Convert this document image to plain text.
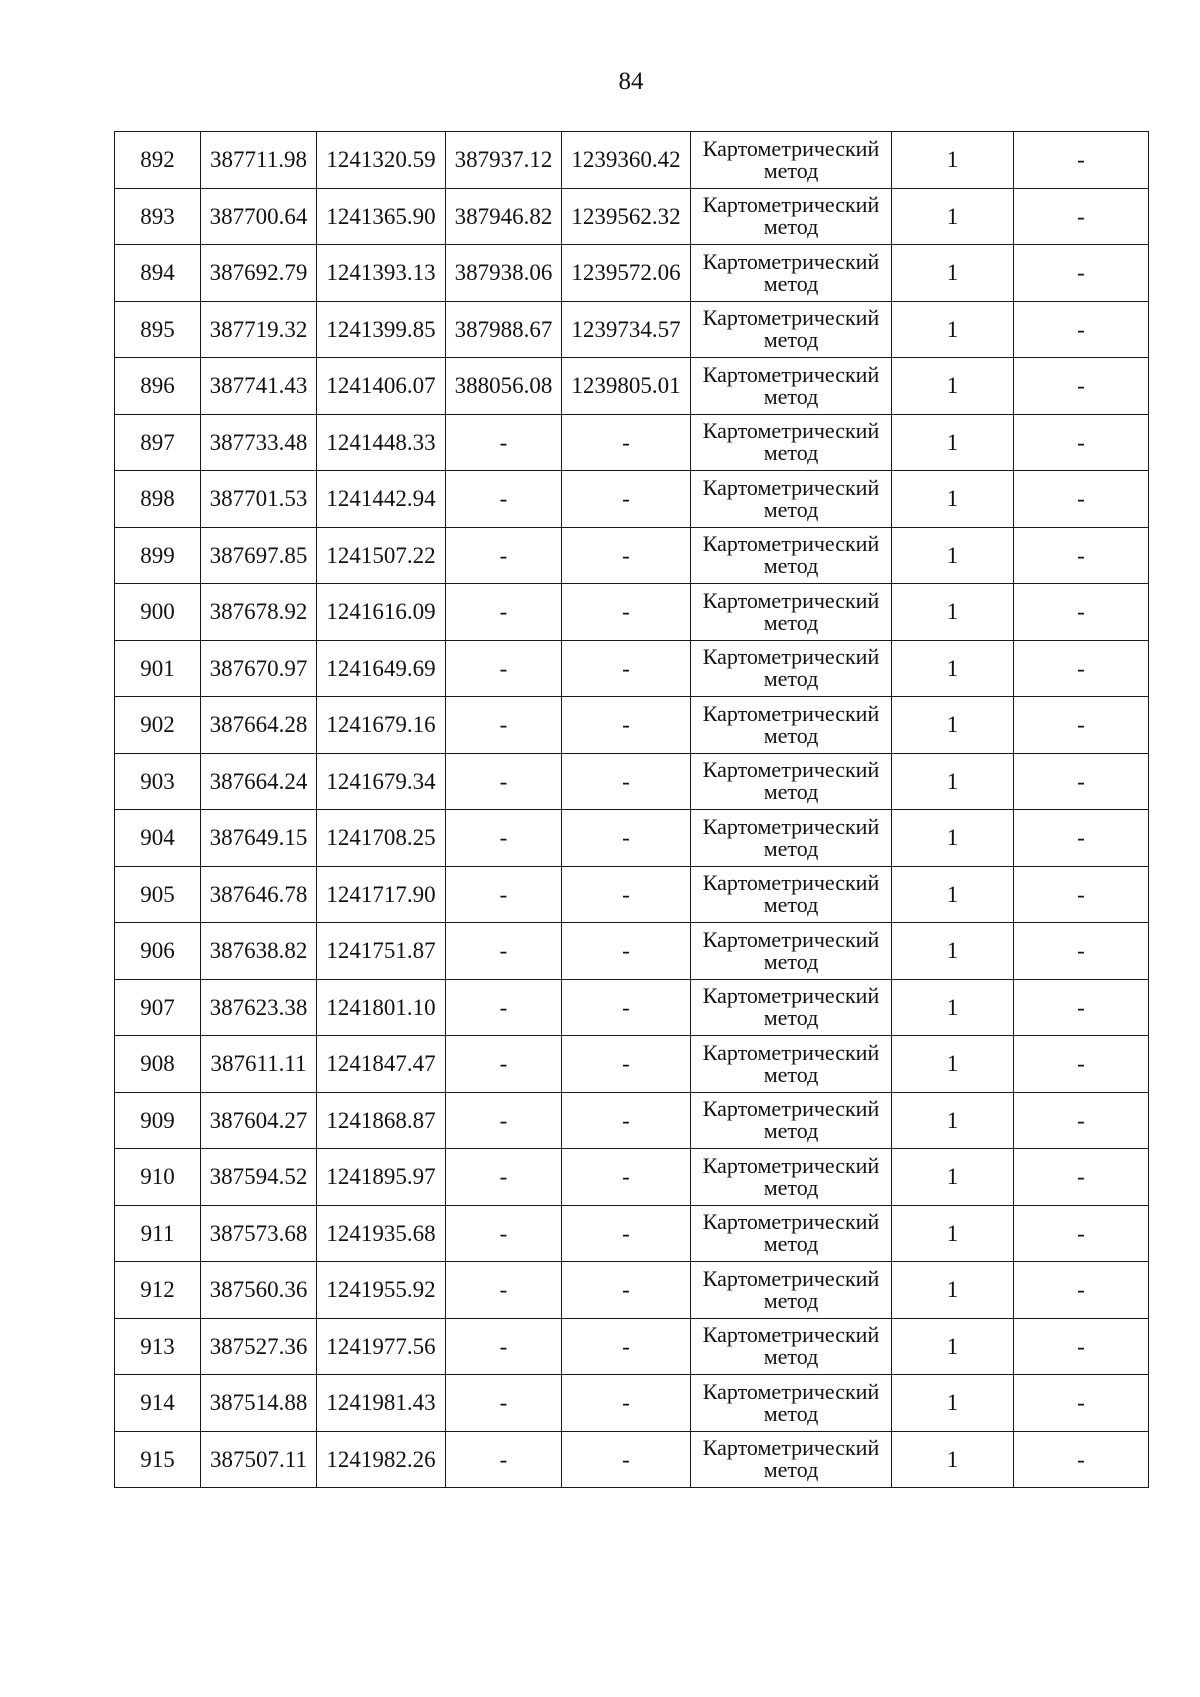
84
892	387711.98	1241320.59	387937.12	1239360.42	Картометрический
метод	1	-
893	387700.64	1241365.90	387946.82	1239562.32	Картометрический
метод	1	-
894	387692.79	1241393.13	387938.06	1239572.06	Картометрический
метод	1	-
895	387719.32	1241399.85	387988.67	1239734.57	Картометрический
метод	1	-
896	387741.43	1241406.07	388056.08	1239805.01	Картометрический
метод	1	-
897	387733.48	1241448.33	-	-	Картометрический
метод	1	-
898	387701.53	1241442.94	-	-	Картометрический
метод	1	-
899	387697.85	1241507.22	-	-	Картометрический
метод	1	-
900	387678.92	1241616.09	-	-	Картометрический
метод	1	-
901	387670.97	1241649.69	-	-	Картометрический
метод	1	-
902	387664.28	1241679.16	-	-	Картометрический
метод	1	-
903	387664.24	1241679.34	-	-	Картометрический
метод	1	-
904	387649.15	1241708.25	-	-	Картометрический
метод	1	-
905	387646.78	1241717.90	-	-	Картометрический
метод	1	-
906	387638.82	1241751.87	-	-	Картометрический
метод	1	-
907	387623.38	1241801.10	-	-	Картометрический
метод	1	-
908	387611.11	1241847.47	-	-	Картометрический
метод	1	-
909	387604.27	1241868.87	-	-	Картометрический
метод	1	-
910	387594.52	1241895.97	-	-	Картометрический
метод	1	-
911	387573.68	1241935.68	-	-	Картометрический
метод	1	-
912	387560.36	1241955.92	-	-	Картометрический
метод	1	-
913	387527.36	1241977.56	-	-	Картометрический
метод	1	-
914	387514.88	1241981.43	-	-	Картометрический
метод	1	-
915	387507.11	1241982.26	-	-	Картометрический
метод	1	-
